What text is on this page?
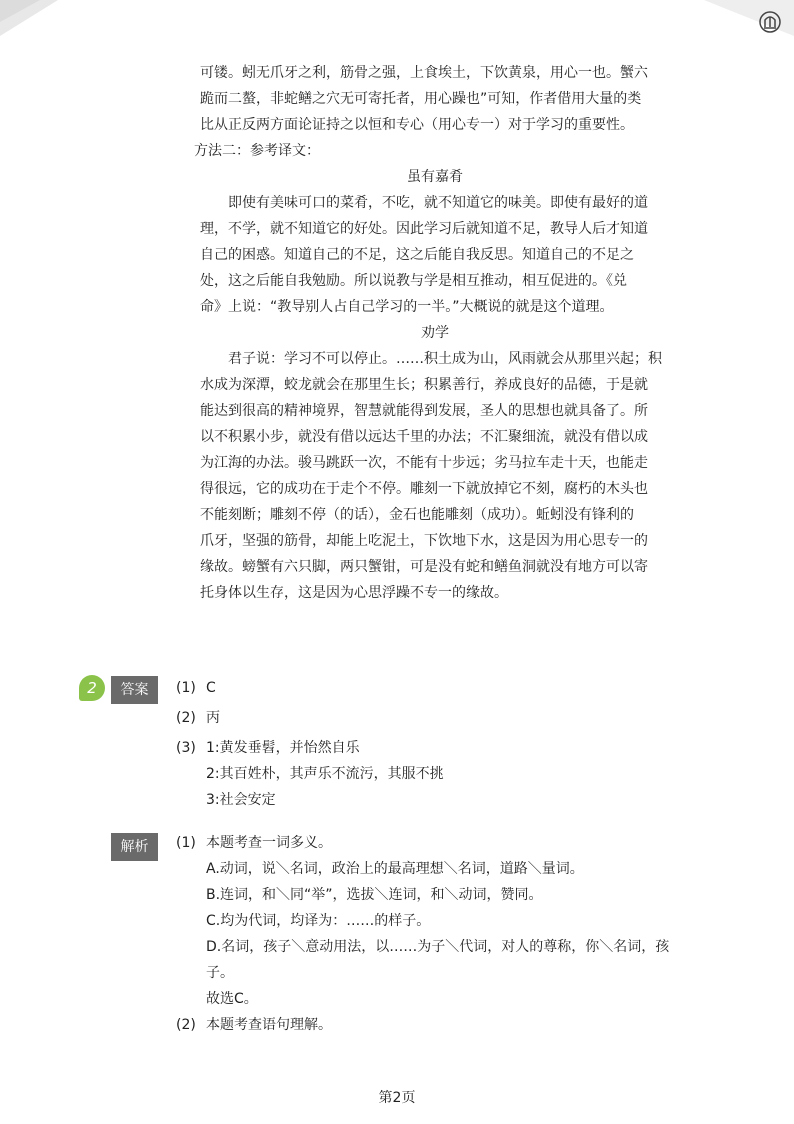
可镂。蚓无爪牙之利，筋骨之强，上食埃土，下饮黄泉，用心一也。蟹六

跪而二螯，非蛇鳝之穴无可寄托者，用心躁也”可知，作者借用大量的类

比从正反两方面论证持之以恒和专心（用心专一）对于学习的重要性。

方法二：参考译文：

虽有嘉肴

即使有美味可口的菜肴，不吃，就不知道它的味美。即使有最好的道

理，不学，就不知道它的好处。因此学习后就知道不足，教导人后才知道

自己的困惑。知道自己的不足，这之后能自我反思。知道自己的不足之

处，这之后能自我勉励。所以说教与学是相互推动，相互促进的。《兑

命》上说：“教导别人占自己学习的一半。”大概说的就是这个道理。

劝学

君子说：学习不可以停止。……积土成为山，风雨就会从那里兴起；积

水成为深潭，蛟龙就会在那里生长；积累善行，养成良好的品德，于是就

能达到很高的精神境界，智慧就能得到发展，圣人的思想也就具备了。所

以不积累小步，就没有借以远达千里的办法；不汇聚细流，就没有借以成

为江海的办法。骏马跳跃一次，不能有十步远；劣马拉车走十天，也能走

得很远，它的成功在于走个不停。雕刻一下就放掉它不刻，腐朽的木头也

不能刻断；雕刻不停（的话），金石也能雕刻（成功）。蚯蚓没有锋利的

爪牙，坚强的筋骨，却能上吃泥土，下饮地下水，这是因为用心思专一的

缘故。螃蟹有六只脚，两只蟹钳，可是没有蛇和鳝鱼洞就没有地方可以寄

托身体以生存，这是因为心思浮躁不专一的缘故。

2	答案	(1) C
(2) 丙
(3) 1:黄发垂髫，并怡然自乐
2:其百姓朴，其声乐不流污，其服不挑
3:社会安定
解析	(1) 本题考查一词多义。
A.动词，说＼名词，政治上的最高理想＼名词，道路＼量词。
B.连词，和＼同“举”，选拔＼连词，和＼动词，赞同。
C.均为代词，均译为：……的样子。
D.名词，孩子＼意动用法，以……为子＼代词，对人的尊称，你＼名词，孩
子。
故选C。
(2) 本题考查语句理解。
第2页
